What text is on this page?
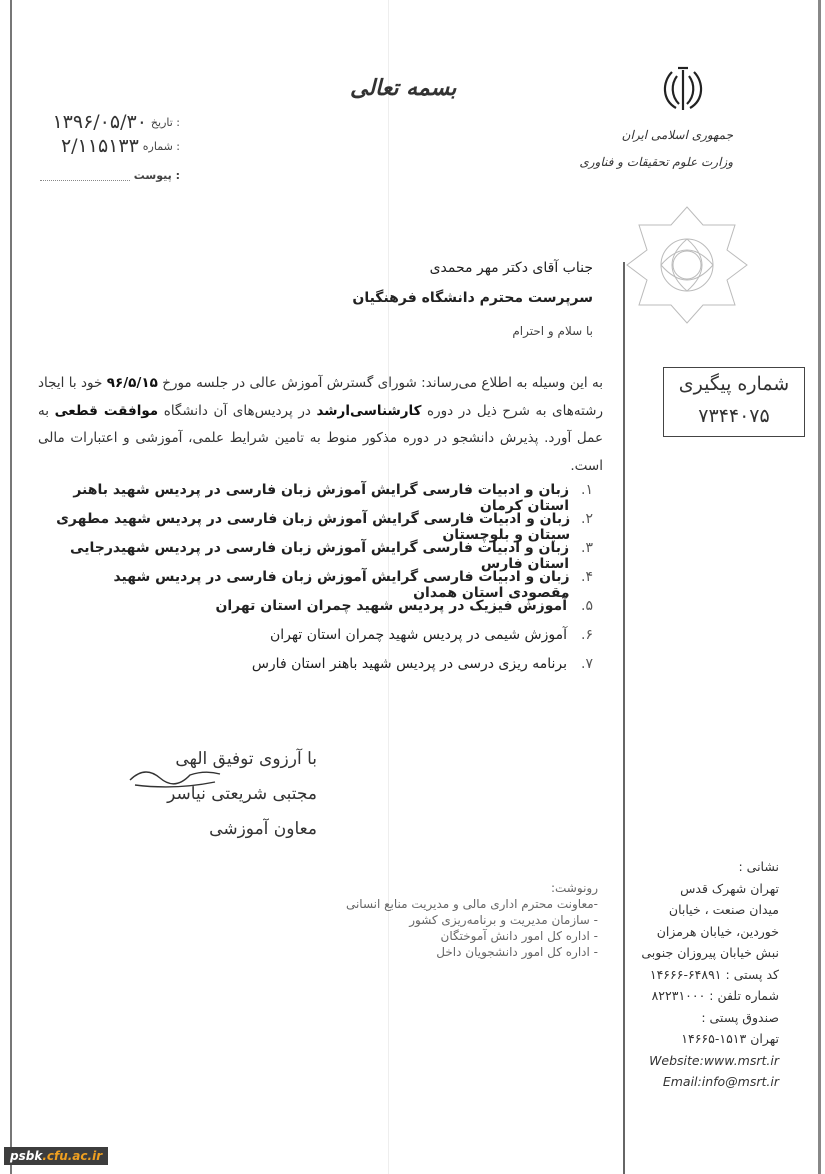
بسمه تعالی
جمهوری اسلامی ایران
وزارت علوم تحقیقات و فناوری
تاریخ :
۱۳۹۶/۰۵/۳۰
شماره :
۲/۱۱۵۱۳۳
پیوست :
جناب آقای دکتر مهر محمدی
سرپرست محترم دانشگاه فرهنگیان
با سلام و احترام
شماره پیگیری
۷۳۴۴۰۷۵
به این وسیله به اطلاع می‌رساند: شورای گسترش آموزش عالی در جلسه مورخ ۹۶/۵/۱۵ خود با ایجاد رشته‌های به شرح ذیل در دوره کارشناسی‌ارشد در پردیس‌های آن دانشگاه موافقت قطعی به عمل آورد. پذیرش دانشجو در دوره مذکور منوط به تامین شرایط علمی، آموزشی و اعتبارات مالی است.
۱.
زبان و ادبیات فارسی گرایش آموزش زبان فارسی در پردیس شهید باهنر استان کرمان
۲.
زبان و ادبیات فارسی گرایش آموزش زبان فارسی در پردیس شهید مطهری سیتان و بلوچستان
۳.
زبان و ادبیات فارسی گرایش آموزش زبان فارسی در پردیس شهیدرجایی استان فارس
۴.
زبان و ادبیات فارسی گرایش آموزش زبان فارسی در پردیس شهید مقصودی استان همدان
۵.
آموزش فیزیک در پردیس شهید چمران استان تهران
۶.
آموزش شیمی در پردیس شهید چمران استان تهران
۷.
برنامه ریزی درسی در پردیس شهید باهنر استان فارس
با آرزوی توفیق الهی
مجتبی شریعتی نیاسر
معاون آموزشی
رونوشت:
-معاونت محترم اداری مالی و مدیریت منابع انسانی
- سازمان مدیریت و برنامه‌ریزی کشور
- اداره کل امور دانش آموختگان
- اداره کل امور دانشجویان داخل
نشانی :
تهران شهرک قدس
میدان صنعت ، خیابان
خوردین، خیابان هرمزان
نبش خیابان پیروزان جنوبی
کد پستی : ۶۴۸۹۱-۱۴۶۶۶
شماره تلفن : ۸۲۲۳۱۰۰۰
صندوق پستی :
تهران ۱۵۱۳-۱۴۶۶۵
Website:www.msrt.ir
Email:info@msrt.ir
psbk.cfu.ac.ir
